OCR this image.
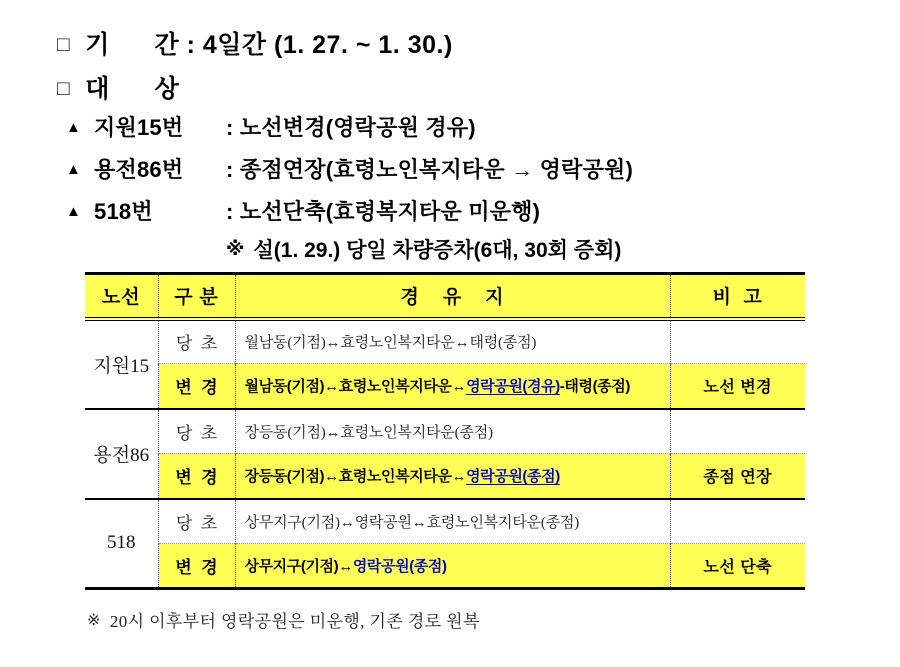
□ 기      간 : 4일간 (1. 27. ~ 1. 30.)
□ 대      상
▲ 지원15번	: 노선변경(영락공원 경유)
▲ 용전86번	: 종점연장(효령노인복지타운 → 영락공원)
▲ 518번	: 노선단축(효령복지타운 미운행)
※ 설(1. 29.) 당일 차량증차(6대, 30회 증회)
노선	구 분	경    유    지	비  고
지원15	당  초	월남동(기점)↔효령노인복지타운↔태령(종점)	
	변  경	월남동(기점)↔효령노인복지타운↔영락공원(경유)-태령(종점)	노선 변경
용전86	당  초	장등동(기점)↔효령노인복지타운(종점)	
	변  경	장등동(기점)↔효령노인복지타운↔영락공원(종점)	종점 연장
518	당  초	상무지구(기점)↔영락공원↔효령노인복지타운(종점)	
	변  경	상무지구(기점)↔영락공원(종점)	노선 단축
※ 20시 이후부터 영락공원은 미운행, 기존 경로 원복
